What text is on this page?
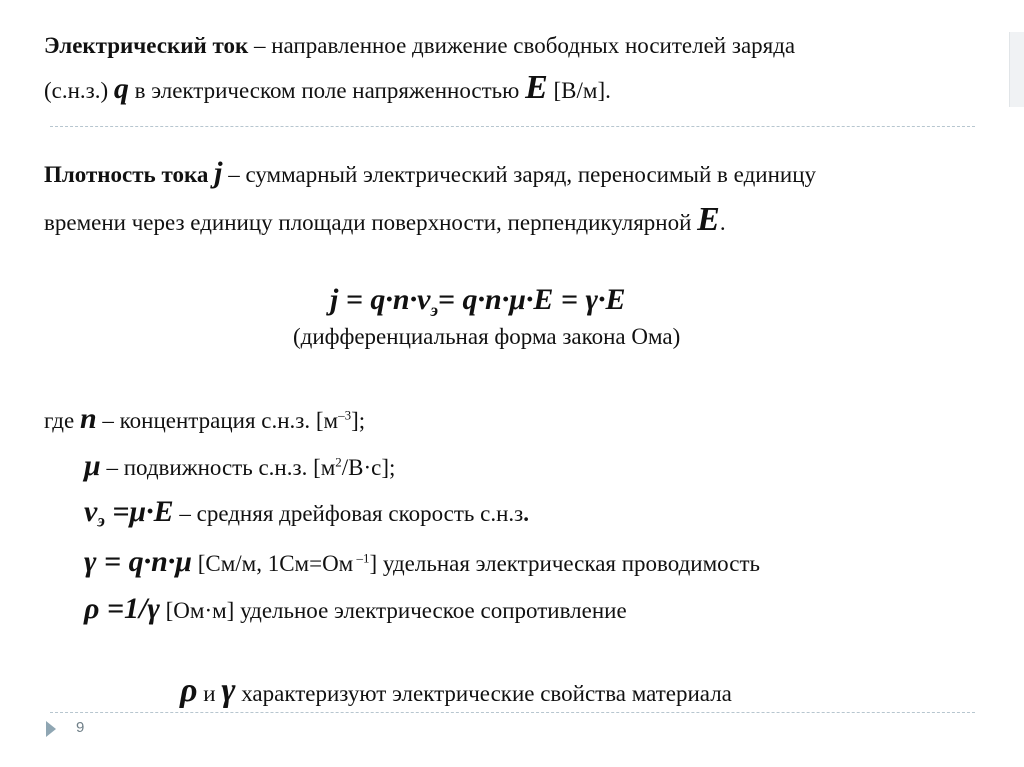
Электрический ток – направленное движение свободных носителей заряда
(с.н.з.) q в электрическом поле напряженностью E [В/м].
Плотность тока j – суммарный электрический заряд, переносимый в единицу
времени через единицу площади поверхности, перпендикулярной E.
$j = q\cdot n\cdot v_э= q\cdot n\cdot\mu\cdot E = \gamma\cdot E$
(дифференциальная форма закона Ома)
где n – концентрация с.н.з. $[м^{-3}]$;
μ – подвижность с.н.з. $[м^2/В\cdot с]$;
$v_э =\mu\cdot E$ – средняя дрейфовая скорость с.н.з.
γ = q·n·μ [См/м, 1См=Ом $^{-1}$] удельная электрическая проводимость
ρ =1/γ [Ом·м] удельное электрическое сопротивление
ρ и γ характеризуют электрические свойства материала
9
